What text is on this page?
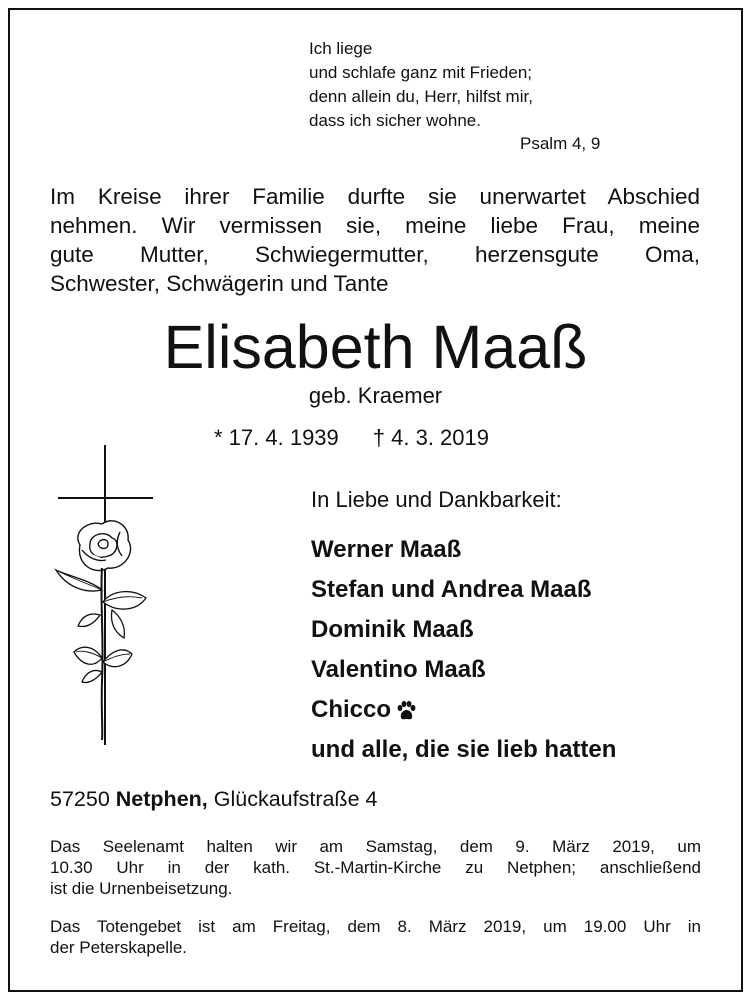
Ich liege
und schlafe ganz mit Frieden;
denn allein du, Herr, hilfst mir,
dass ich sicher wohne.
Psalm 4, 9
Im Kreise ihrer Familie durfte sie unerwartet Abschied
nehmen. Wir vermissen sie, meine liebe Frau, meine
gute Mutter, Schwiegermutter, herzensgute Oma,
Schwester, Schwägerin und Tante
Elisabeth Maaß
geb. Kraemer
* 17. 4. 1939 † 4. 3. 2019
In Liebe und Dankbarkeit:
Werner Maaß
Stefan und Andrea Maaß
Dominik Maaß
Valentino Maaß
Chicco
und alle, die sie lieb hatten
57250 Netphen, Glückaufstraße 4
Das Seelenamt halten wir am Samstag, dem 9. März 2019, um
10.30 Uhr in der kath. St.-Martin-Kirche zu Netphen; anschließend
ist die Urnenbeisetzung.
Das Totengebet ist am Freitag, dem 8. März 2019, um 19.00 Uhr in
der Peterskapelle.
